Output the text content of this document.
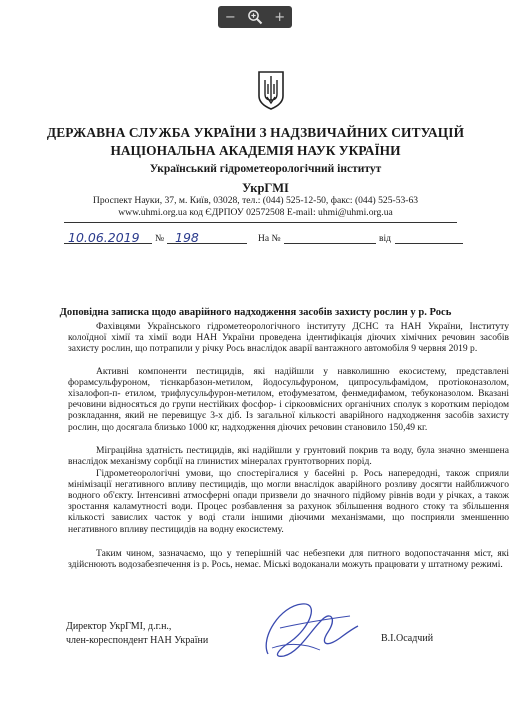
−	+
ДЕРЖАВНА СЛУЖБА УКРАЇНИ З НАДЗВИЧАЙНИХ СИТУАЦІЙ
НАЦІОНАЛЬНА АКАДЕМІЯ НАУК УКРАЇНИ
Український гідрометеорологічний інститут
УкрГМІ
Проспект Науки, 37, м. Київ, 03028, тел.: (044) 525-12-50, факс: (044) 525-53-63
www.uhmi.org.ua код ЄДРПОУ 02572508 E-mail: uhmi@uhmi.org.ua
10.06.2019 № 198	На №	від
Доповідна записка щодо аварійного надходження засобів захисту рослин у р. Рось

Фахівцями Українського гідрометеорологічного інституту ДСНС та НАН України, Інституту колоїдної хімії та хімії води НАН України проведена ідентифікація діючих хімічних речовин засобів захисту рослин, що потрапили у річку Рось внаслідок аварії вантажного автомобіля 9 червня 2019 р.

Активні компоненти пестицидів, які надійшли у навколишню екосистему, представлені форамсульфуроном, тієнкарбазон-метилом, йодосульфуроном, ципросульфамідом, протіоконазолом, хізалофоп-п- етилом, трифлусульфурон-метилом, етофумезатом, фенмедифамом, тебуконазолом. Вказані речовини відносяться до групи нестійких фосфор- і сіркоовмісних органічних сполук з коротким періодом розкладання, який не перевищує 3-х діб. Із загальної кількості аварійного надходження засобів захисту рослин, що досягала близько 1000 кг, надходження діючих речовин становило 150,49 кг.

Міграційна здатність пестицидів, які надійшли у грунтовий покрив та воду, була значно зменшена внаслідок механізму сорбції на глинистих мінералах грунтотворних порід.

Гідрометеорологічні умови, що спостерігалися у басейні р. Рось напередодні, також сприяли мінімізації негативного впливу пестицидів, що могли внаслідок аварійного розливу досягти найближчого водного об'єкту. Інтенсивні атмосферні опади призвели до значного підйому рівнів води у річках, а також зростання каламутності води. Процес розбавлення за рахунок збільшення водного стоку та збільшення кількості завислих часток у воді стали іншими діючими механізмами, що посприяли зменшенню негативного впливу пестицидів на водну екосистему.

Таким чином, зазначаємо, що у теперішній час небезпеки для питного водопостачання міст, які здійснюють водозабезпечення із р. Рось, немає. Міські водоканали можуть працювати у штатному режимі.

Директор УкрГМІ, д.г.н.,
член-кореспондент НАН України	В.І.Осадчий
